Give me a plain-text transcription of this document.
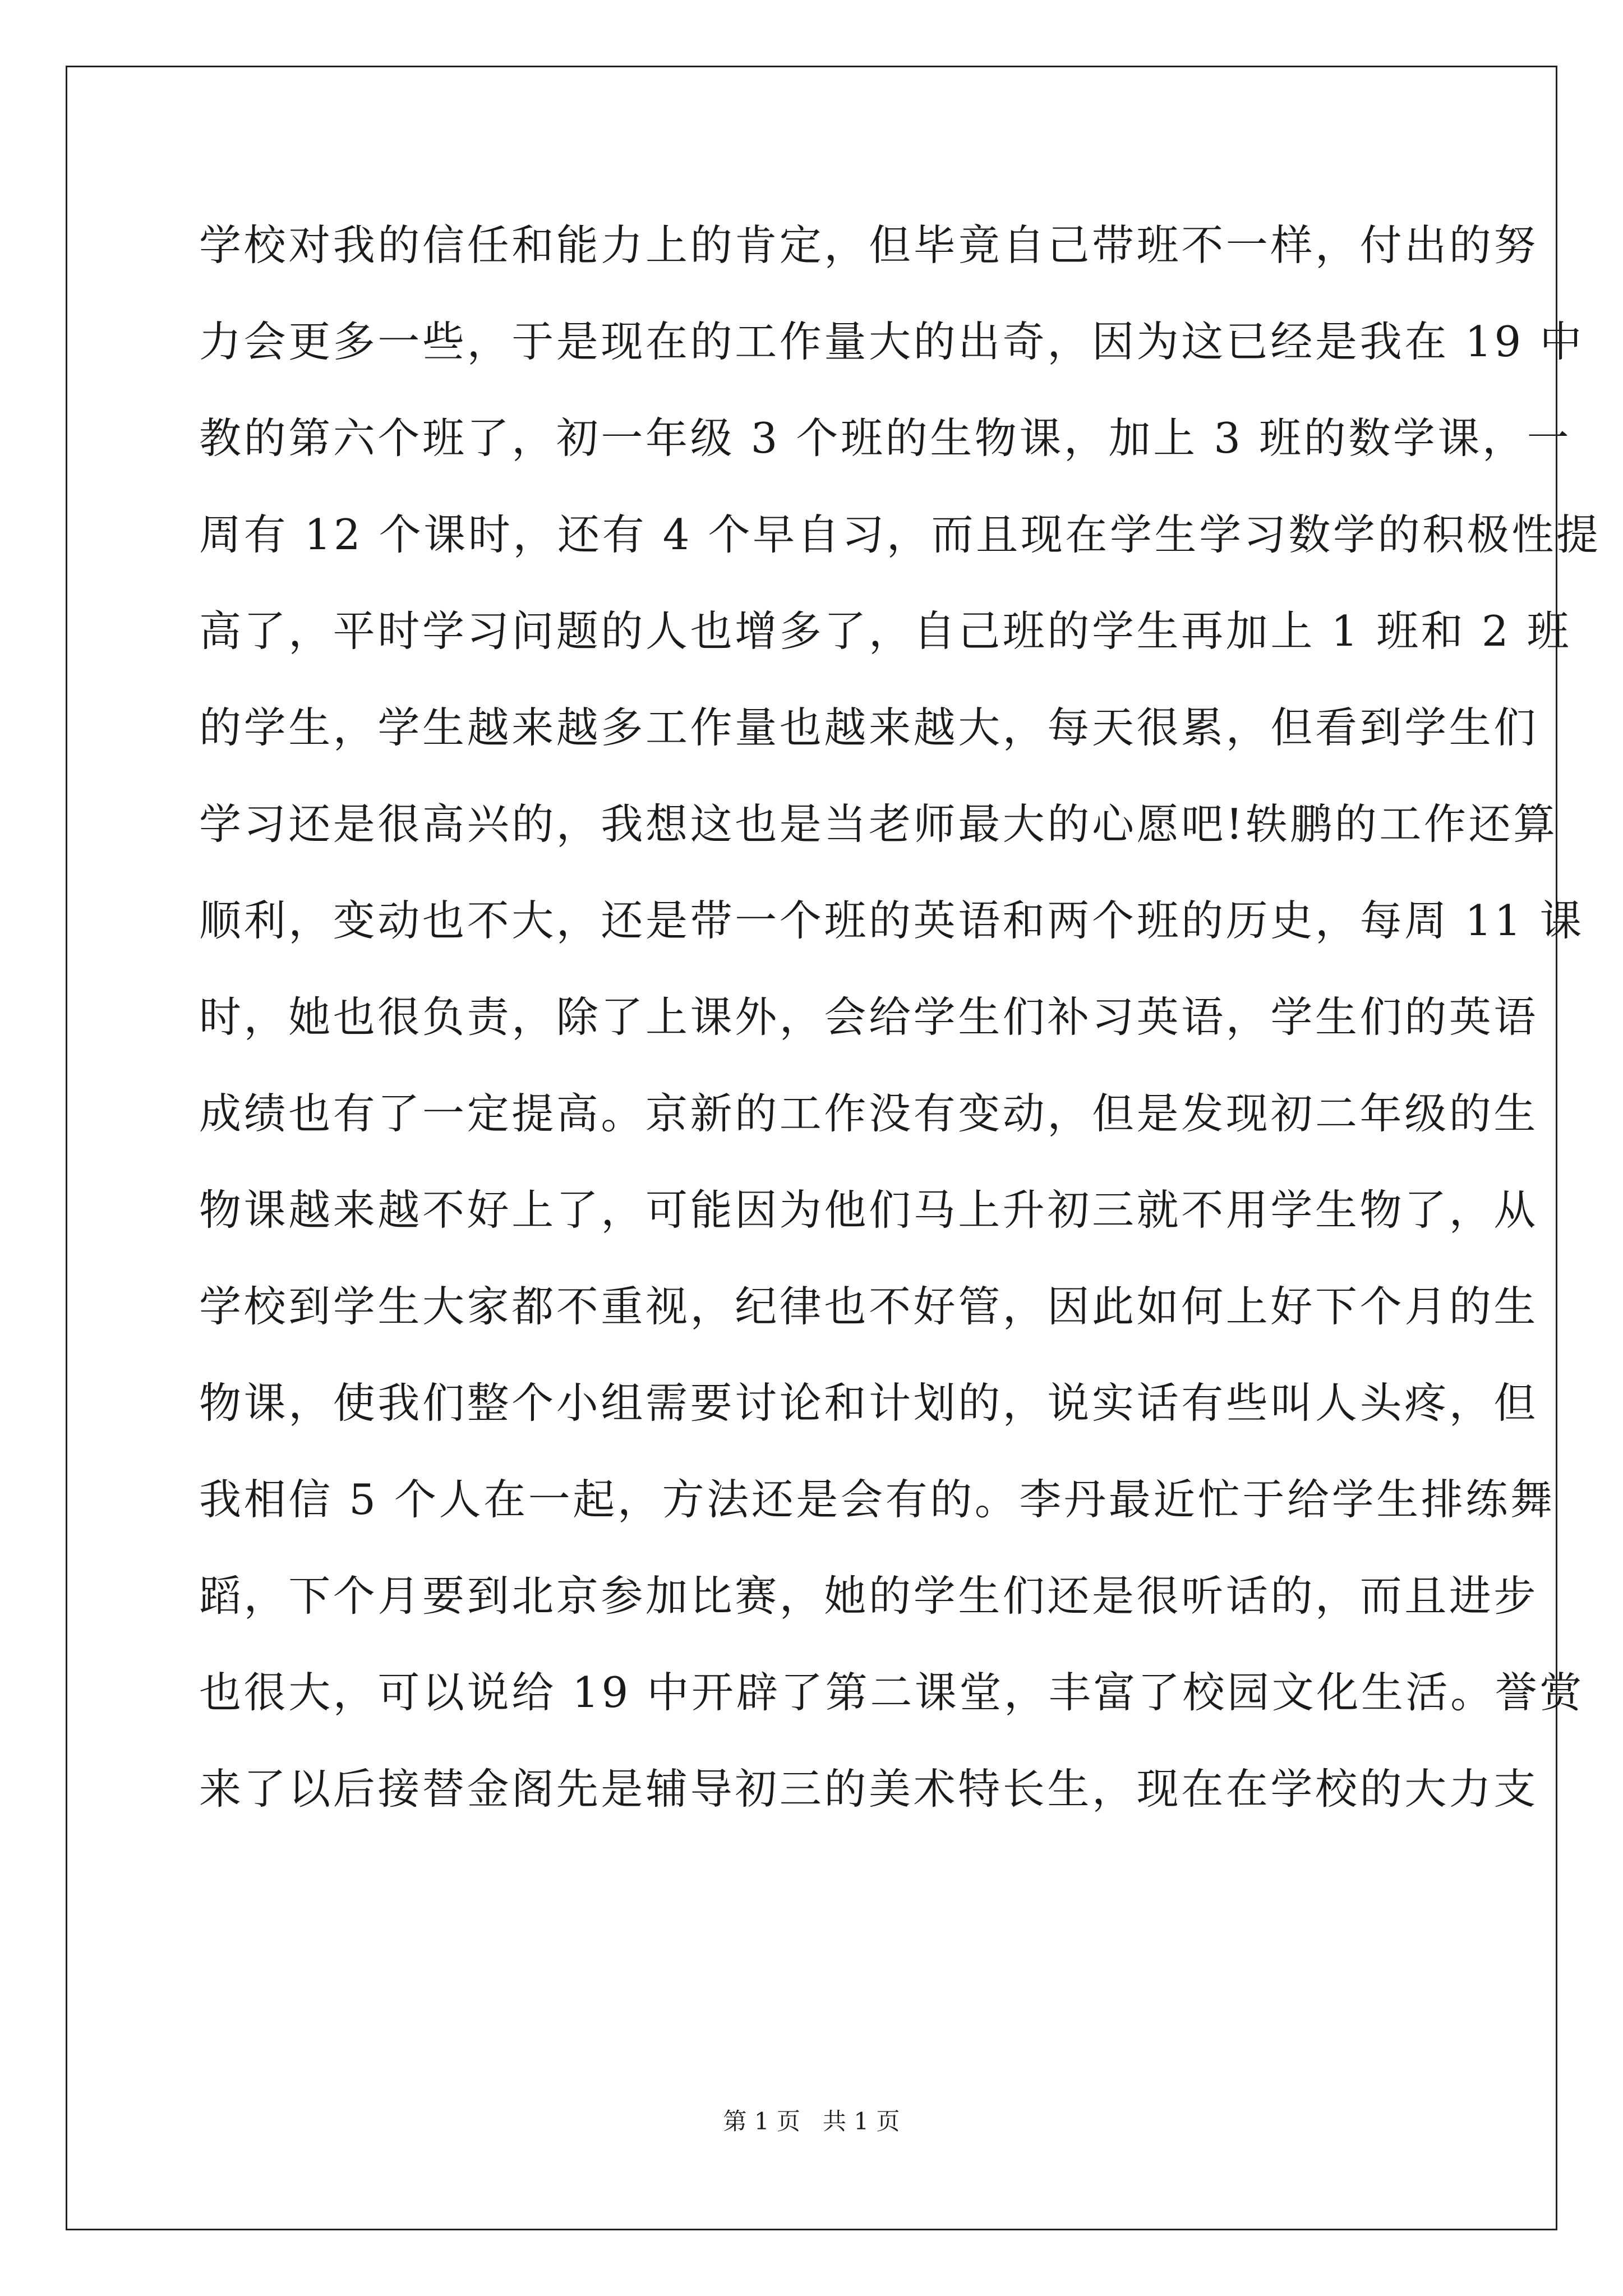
学校对我的信任和能力上的肯定，但毕竟自己带班不一样，付出的努
力会更多一些，于是现在的工作量大的出奇，因为这已经是我在 19 中
教的第六个班了，初一年级 3 个班的生物课，加上 3 班的数学课，一
周有 12 个课时，还有 4 个早自习，而且现在学生学习数学的积极性提
高了，平时学习问题的人也增多了，自己班的学生再加上 1 班和 2 班
的学生，学生越来越多工作量也越来越大，每天很累，但看到学生们
学习还是很高兴的，我想这也是当老师最大的心愿吧!轶鹏的工作还算
顺利，变动也不大，还是带一个班的英语和两个班的历史，每周 11 课
时，她也很负责，除了上课外，会给学生们补习英语，学生们的英语
成绩也有了一定提高。京新的工作没有变动，但是发现初二年级的生
物课越来越不好上了，可能因为他们马上升初三就不用学生物了，从
学校到学生大家都不重视，纪律也不好管，因此如何上好下个月的生
物课，使我们整个小组需要讨论和计划的，说实话有些叫人头疼，但
我相信 5 个人在一起，方法还是会有的。李丹最近忙于给学生排练舞
蹈，下个月要到北京参加比赛，她的学生们还是很听话的，而且进步
也很大，可以说给 19 中开辟了第二课堂，丰富了校园文化生活。誉赏
来了以后接替金阁先是辅导初三的美术特长生，现在在学校的大力支
第 1 页 共 1 页
